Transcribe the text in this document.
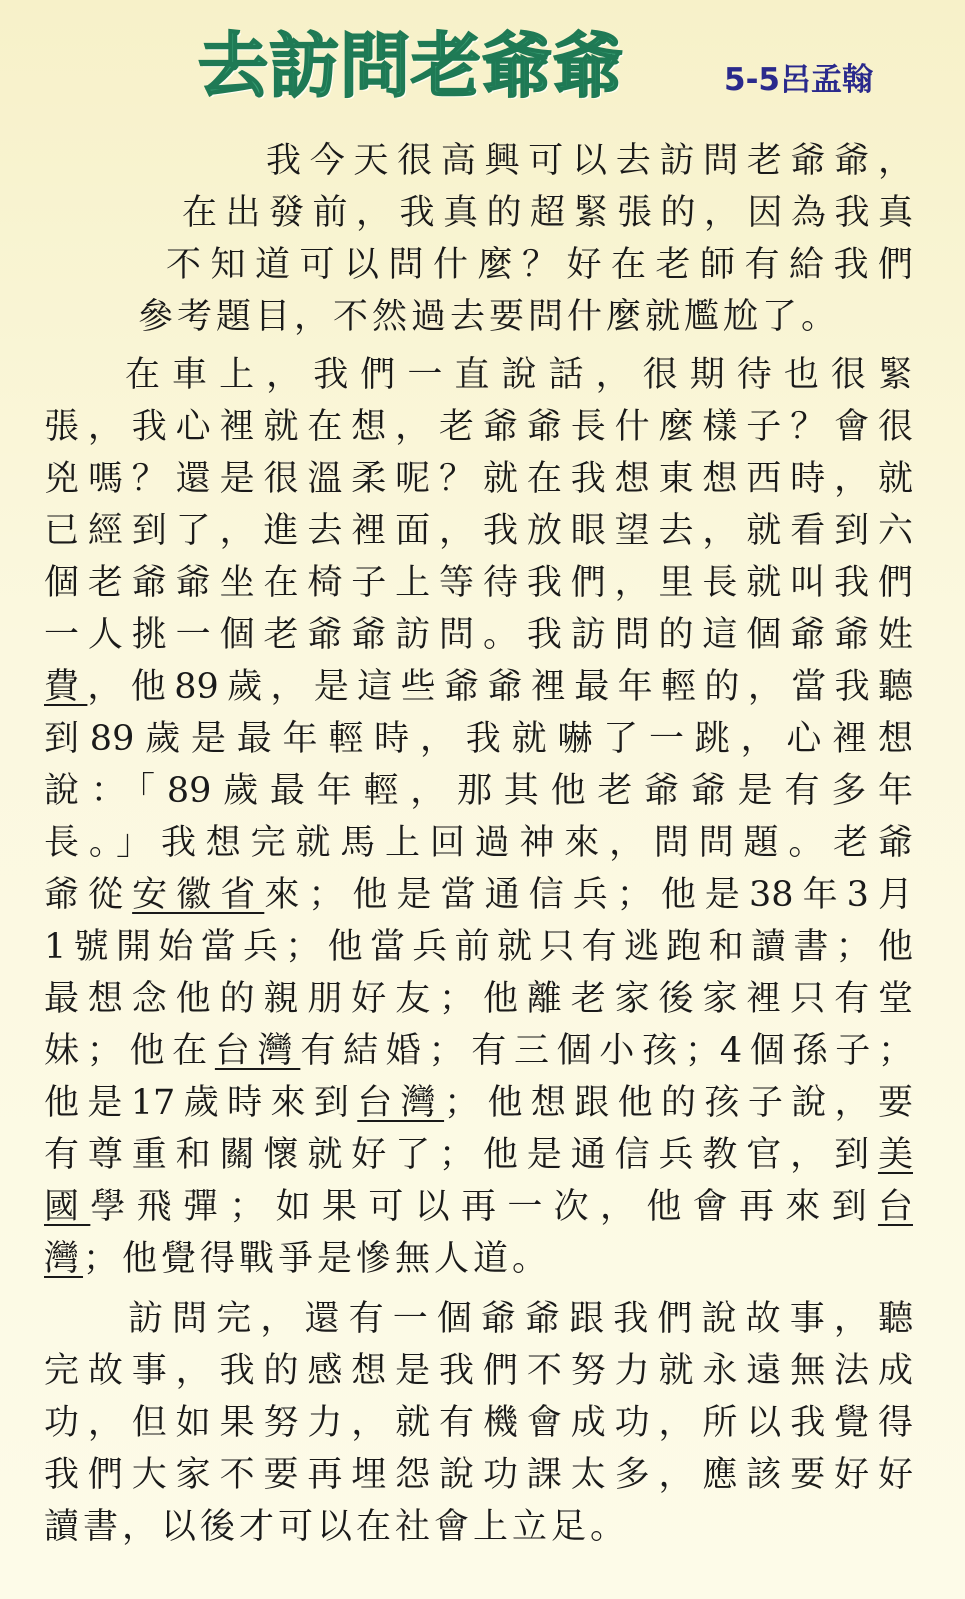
去訪問老爺爺	5-5呂孟翰

我今天很高興可以去訪問老爺爺，

在出發前，我真的超緊張的，因為我真

不知道可以問什麼？好在老師有給我們

參考題目，不然過去要問什麼就尷尬了。

在車上，我們一直說話，很期待也很緊

張，我心裡就在想，老爺爺長什麼樣子？會很

兇嗎？還是很溫柔呢？就在我想東想西時，就

已經到了，進去裡面，我放眼望去，就看到六

個老爺爺坐在椅子上等待我們，里長就叫我們

一人挑一個老爺爺訪問。我訪問的這個爺爺姓

費，他89歲，是這些爺爺裡最年輕的，當我聽

到89歲是最年輕時，我就嚇了一跳，心裡想

說：「89歲最年輕，那其他老爺爺是有多年

長。」我想完就馬上回過神來，問問題。老爺

爺從安徽省來；他是當通信兵；他是38年3月

1號開始當兵；他當兵前就只有逃跑和讀書；他

最想念他的親朋好友；他離老家後家裡只有堂

妹；他在台灣有結婚；有三個小孩；4個孫子；

他是17歲時來到台灣；他想跟他的孩子說，要

有尊重和關懷就好了；他是通信兵教官，到美

國學飛彈；如果可以再一次，他會再來到台

灣；他覺得戰爭是慘無人道。

訪問完，還有一個爺爺跟我們說故事，聽

完故事，我的感想是我們不努力就永遠無法成

功，但如果努力，就有機會成功，所以我覺得

我們大家不要再埋怨說功課太多，應該要好好

讀書，以後才可以在社會上立足。
